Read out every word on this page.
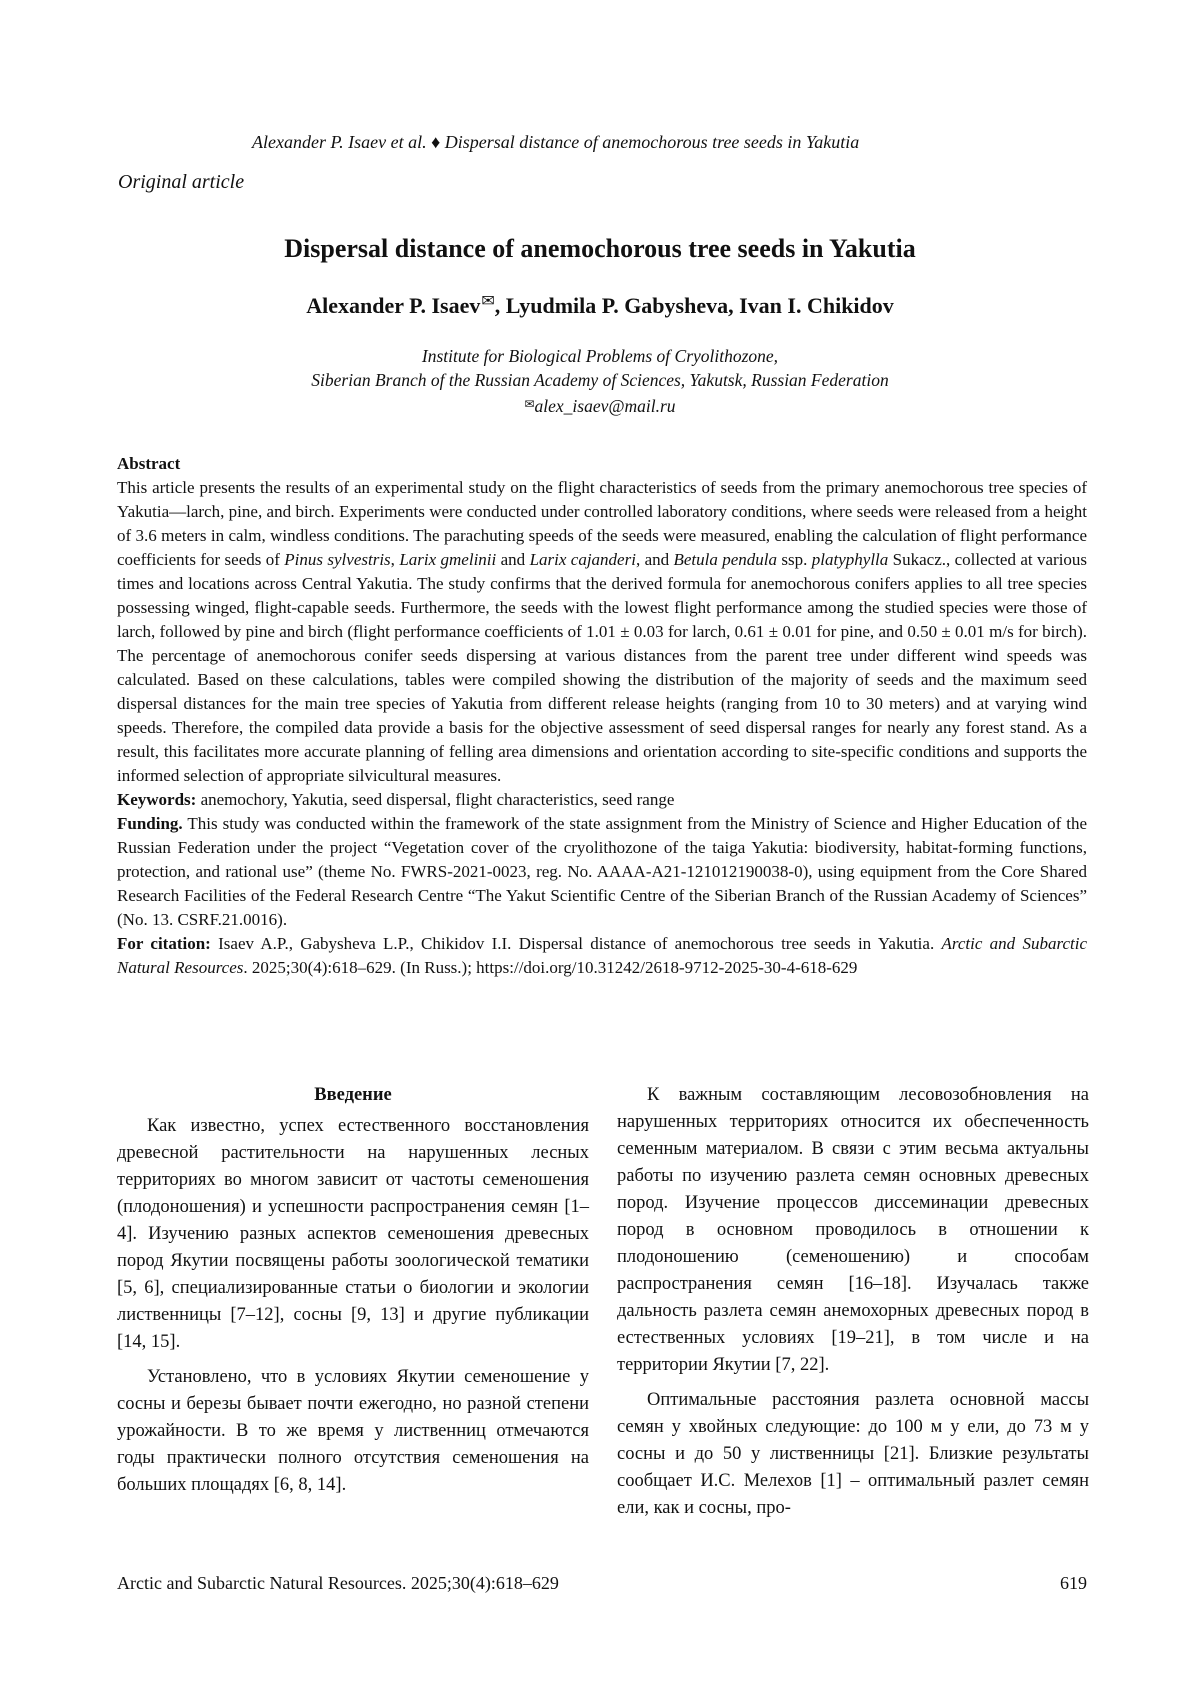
Alexander P. Isaev et al. ♦ Dispersal distance of anemochorous tree seeds in Yakutia
Original article
Dispersal distance of anemochorous tree seeds in Yakutia
Alexander P. Isaev✉, Lyudmila P. Gabysheva, Ivan I. Chikidov
Institute for Biological Problems of Cryolithozone,
Siberian Branch of the Russian Academy of Sciences, Yakutsk, Russian Federation
✉alex_isaev@mail.ru

Abstract

This article presents the results of an experimental study on the flight characteristics of seeds from the primary anemochorous tree species of Yakutia—larch, pine, and birch. Experiments were conducted under controlled laboratory conditions, where seeds were released from a height of 3.6 meters in calm, windless conditions. The parachuting speeds of the seeds were measured, enabling the calculation of flight performance coefficients for seeds of Pinus sylvestris, Larix gmelinii and Larix cajanderi, and Betula pendula ssp. platyphylla Sukacz., collected at various times and locations across Central Yakutia. The study confirms that the derived formula for anemochorous conifers applies to all tree species possessing winged, flight-capable seeds. Furthermore, the seeds with the lowest flight performance among the studied species were those of larch, followed by pine and birch (flight performance coefficients of 1.01 ± 0.03 for larch, 0.61 ± 0.01 for pine, and 0.50 ± 0.01 m/s for birch). The percentage of anemochorous conifer seeds dispersing at various distances from the parent tree under different wind speeds was calculated. Based on these calculations, tables were compiled showing the distribution of the majority of seeds and the maximum seed dispersal distances for the main tree species of Yakutia from different release heights (ranging from 10 to 30 meters) and at varying wind speeds. Therefore, the compiled data provide a basis for the objective assessment of seed dispersal ranges for nearly any forest stand. As a result, this facilitates more accurate planning of felling area dimensions and orientation according to site-specific conditions and supports the informed selection of appropriate silvicultural measures.

Keywords: anemochory, Yakutia, seed dispersal, flight characteristics, seed range

Funding. This study was conducted within the framework of the state assignment from the Ministry of Science and Higher Education of the Russian Federation under the project “Vegetation cover of the cryolithozone of the taiga Yakutia: biodiversity, habitat-forming functions, protection, and rational use” (theme No. FWRS-2021-0023, reg. No. AAAA-A21-121012190038-0), using equipment from the Core Shared Research Facilities of the Federal Research Centre “The Yakut Scientific Centre of the Siberian Branch of the Russian Academy of Sciences” (No. 13. CSRF.21.0016).

For citation: Isaev A.P., Gabysheva L.P., Chikidov I.I. Dispersal distance of anemochorous tree seeds in Yakutia. Arctic and Subarctic Natural Resources. 2025;30(4):618–629. (In Russ.); https://doi.org/10.31242/2618-9712-2025-30-4-618-629

Введение

Как известно, успех естественного восстановления древесной растительности на нарушенных лесных территориях во многом зависит от частоты семеношения (плодоношения) и успешности распространения семян [1–4]. Изучению разных аспектов семеношения древесных пород Якутии посвящены работы зоологической тематики [5, 6], специализированные статьи о биологии и экологии лиственницы [7–12], сосны [9, 13] и другие публикации [14, 15].

Установлено, что в условиях Якутии семеношение у сосны и березы бывает почти ежегодно, но разной степени урожайности. В то же время у лиственниц отмечаются годы практически полного отсутствия семеношения на больших площадях [6, 8, 14].

К важным составляющим лесовозобновления на нарушенных территориях относится их обеспеченность семенным материалом. В связи с этим весьма актуальны работы по изучению разлета семян основных древесных пород. Изучение процессов диссеминации древесных пород в основном проводилось в отношении к плодоношению (семеношению) и способам распространения семян [16–18]. Изучалась также дальность разлета семян анемохорных древесных пород в естественных условиях [19–21], в том числе и на территории Якутии [7, 22].

Оптимальные расстояния разлета основной массы семян у хвойных следующие: до 100 м у ели, до 73 м у сосны и до 50 у лиственницы [21]. Близкие результаты сообщает И.С. Мелехов [1] – оптимальный разлет семян ели, как и сосны, про-

Arctic and Subarctic Natural Resources. 2025;30(4):618–629	619
